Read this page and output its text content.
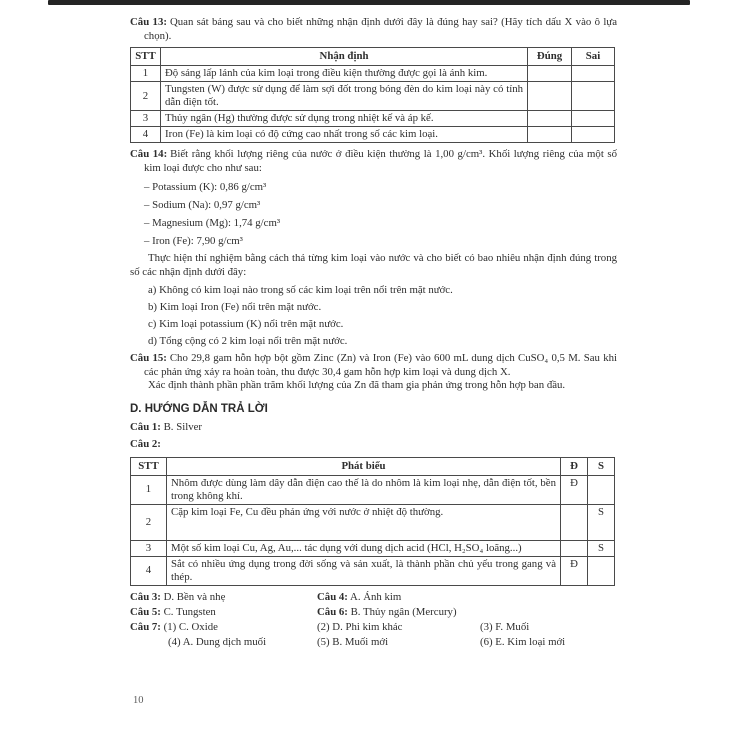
Câu 13: Quan sát bảng sau và cho biết những nhận định dưới đây là đúng hay sai? (Hãy tích dấu X vào ô lựa chọn).

STT	Nhận định	Đúng	Sai
1	Độ sáng lấp lánh của kim loại trong điều kiện thường được gọi là ánh kim.		
2	Tungsten (W) được sử dụng để làm sợi đốt trong bóng đèn do kim loại này có tính dẫn điện tốt.		
3	Thủy ngân (Hg) thường được sử dụng trong nhiệt kế và áp kế.		
4	Iron (Fe) là kim loại có độ cứng cao nhất trong số các kim loại.		

Câu 14: Biết rằng khối lượng riêng của nước ở điều kiện thường là 1,00 g/cm³. Khối lượng riêng của một số kim loại được cho như sau:

– Potassium (K): 0,86 g/cm³
– Sodium (Na): 0,97 g/cm³
– Magnesium (Mg): 1,74 g/cm³
– Iron (Fe): 7,90 g/cm³

Thực hiện thí nghiệm bằng cách thả từng kim loại vào nước và cho biết có bao nhiêu nhận định đúng trong số các nhận định dưới đây:

a) Không có kim loại nào trong số các kim loại trên nổi trên mặt nước.
b) Kim loại Iron (Fe) nổi trên mặt nước.
c) Kim loại potassium (K) nổi trên mặt nước.
d) Tổng cộng có 2 kim loại nổi trên mặt nước.

Câu 15: Cho 29,8 gam hỗn hợp bột gồm Zinc (Zn) và Iron (Fe) vào 600 mL dung dịch CuSO₄ 0,5 M. Sau khi các phản ứng xảy ra hoàn toàn, thu được 30,4 gam hỗn hợp kim loại và dung dịch X.

Xác định thành phần phần trăm khối lượng của Zn đã tham gia phản ứng trong hỗn hợp ban đầu.

D. HƯỚNG DẪN TRẢ LỜI
Câu 1: B. Silver
Câu 2:
STT	Phát biểu	Đ	S
1	Nhôm được dùng làm dây dẫn điện cao thế là do nhôm là kim loại nhẹ, dẫn điện tốt, bền trong không khí.	Đ	
2	Cặp kim loại Fe, Cu đều phản ứng với nước ở nhiệt độ thường.		S
3	Một số kim loại Cu, Ag, Au,... tác dụng với dung dịch acid (HCl, H₂SO₄ loãng...)		S
4	Sắt có nhiều ứng dụng trong đời sống và sản xuất, là thành phần chủ yếu trong gang và thép.	Đ	
Câu 3: D. Bền và nhẹ	Câu 4: A. Ánh kim
Câu 5: C. Tungsten	Câu 6: B. Thủy ngân (Mercury)
Câu 7: (1) C. Oxide	(2) D. Phi kim khác	(3) F. Muối
(4) A. Dung dịch muối	(5) B. Muối mới	(6) E. Kim loại mới
10
